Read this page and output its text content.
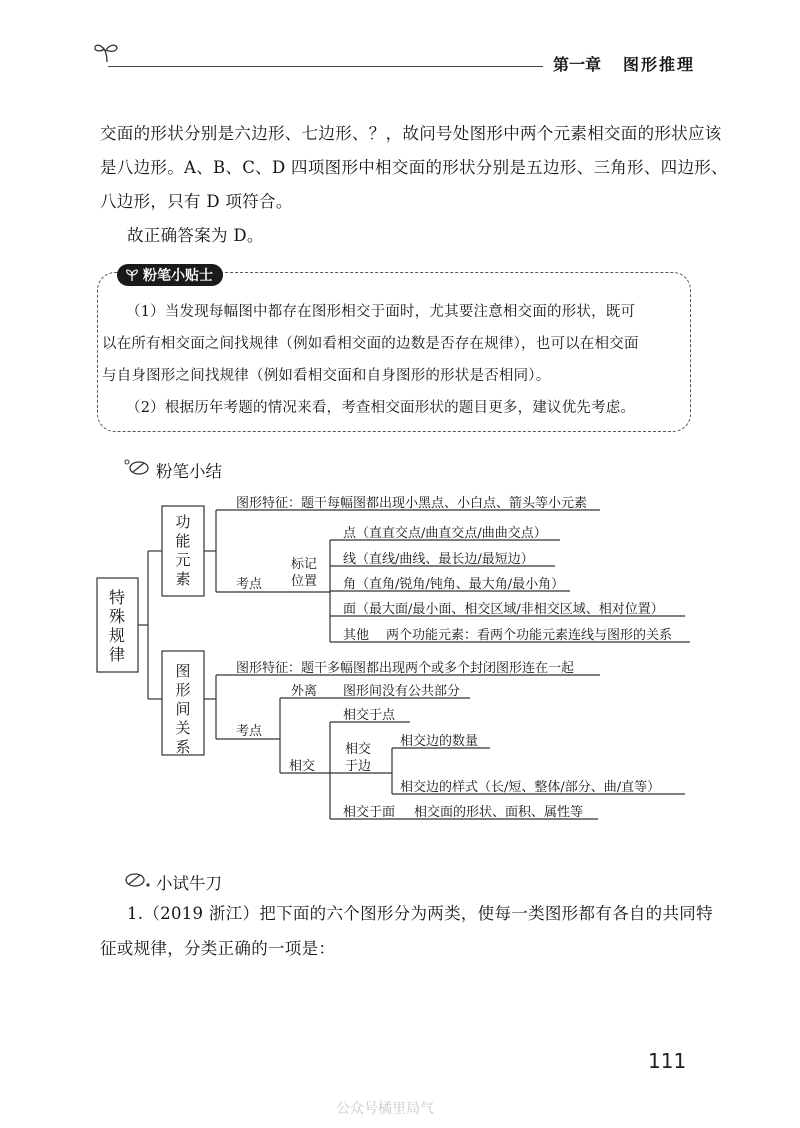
第一章 图形推理
交面的形状分别是六边形、七边形、？，故问号处图形中两个元素相交面的形状应该
是八边形。A、B、C、D 四项图形中相交面的形状分别是五边形、三角形、四边形、
八边形，只有 D 项符合。
故正确答案为 D。
粉笔小贴士
（1）当发现每幅图中都存在图形相交于面时，尤其要注意相交面的形状，既可
以在所有相交面之间找规律（例如看相交面的边数是否存在规律），也可以在相交面
与自身图形之间找规律（例如看相交面和自身图形的形状是否相同）。
（2）根据历年考题的情况来看，考查相交面形状的题目更多，建议优先考虑。
粉笔小结
特殊规律
功能元素
图形特征：题干每幅图都出现小黑点、小白点、箭头等小元素
考点
标记位置
点（直直交点/曲直交点/曲曲交点）
线（直线/曲线、最长边/最短边）
角（直角/锐角/钝角、最大角/最小角）
面（最大面/最小面、相交区域/非相交区域、相对位置）
其他 两个功能元素：看两个功能元素连线与图形的关系
图形间关系
图形特征：题干多幅图都出现两个或多个封闭图形连在一起
考点
外离 图形间没有公共部分
相交
相交于点
相交于边
相交边的数量
相交边的样式（长/短、整体/部分、曲/直等）
相交于面 相交面的形状、面积、属性等
小试牛刀
1.（2019 浙江）把下面的六个图形分为两类，使每一类图形都有各自的共同特
征或规律，分类正确的一项是：
111
公众号橘里局气
